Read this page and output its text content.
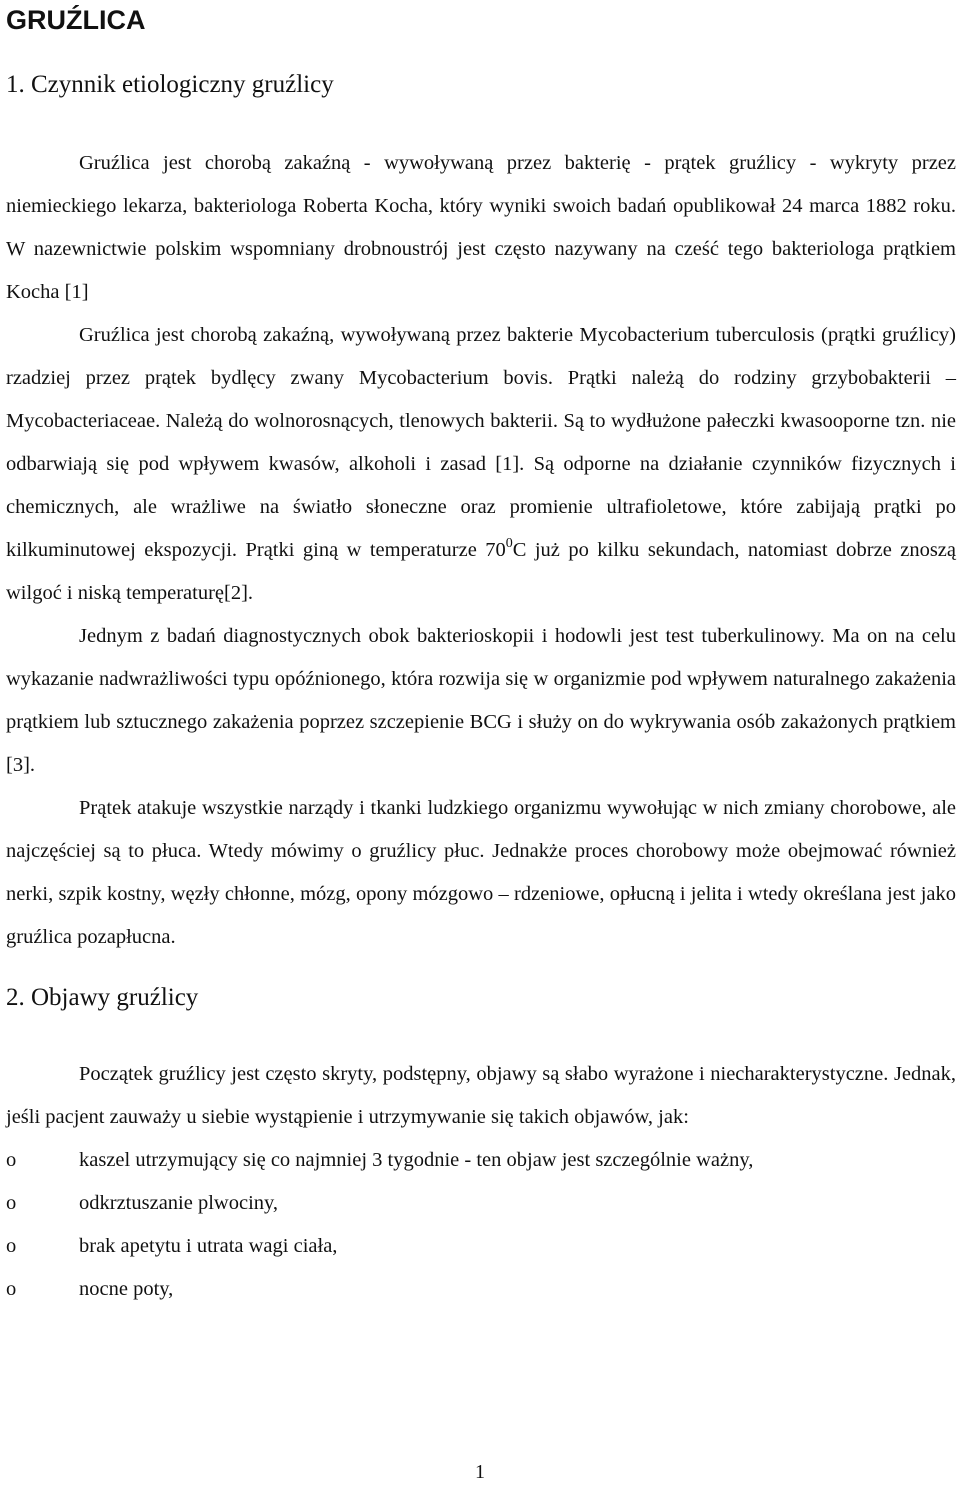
GRUŹLICA
1. Czynnik etiologiczny gruźlicy

Gruźlica jest chorobą zakaźną - wywoływaną przez bakterię - prątek gruźlicy - wykryty przez niemieckiego lekarza, bakteriologa Roberta Kocha, który wyniki swoich badań opublikował 24 marca 1882 roku. W nazewnictwie polskim wspomniany drobnoustrój jest często nazywany na cześć tego bakteriologa prątkiem Kocha [1]

Gruźlica jest chorobą zakaźną, wywoływaną przez bakterie Mycobacterium tuberculosis (prątki gruźlicy) rzadziej przez prątek bydlęcy zwany Mycobacterium bovis. Prątki należą do rodziny grzybobakterii – Mycobacteriaceae. Należą do wolnorosnących, tlenowych bakterii. Są to wydłużone pałeczki kwasooporne tzn. nie odbarwiają się pod wpływem kwasów, alkoholi i zasad [1]. Są odporne na działanie czynników fizycznych i chemicznych, ale wrażliwe na światło słoneczne oraz promienie ultrafioletowe, które zabijają prątki po kilkuminutowej ekspozycji. Prątki giną w temperaturze $70^0C$ już po kilku sekundach, natomiast dobrze znoszą wilgoć i niską temperaturę[2].

Jednym z badań diagnostycznych obok bakterioskopii i hodowli jest test tuberkulinowy. Ma on na celu wykazanie nadwrażliwości typu opóźnionego, która rozwija się w organizmie pod wpływem naturalnego zakażenia prątkiem lub sztucznego zakażenia poprzez szczepienie BCG i służy on do wykrywania osób zakażonych prątkiem [3].

Prątek atakuje wszystkie narządy i tkanki ludzkiego organizmu wywołując w nich zmiany chorobowe, ale najczęściej są to płuca. Wtedy mówimy o gruźlicy płuc. Jednakże proces chorobowy może obejmować również nerki, szpik kostny, węzły chłonne, mózg, opony mózgowo – rdzeniowe, opłucną i jelita i wtedy określana jest jako gruźlica pozapłucna.

2. Objawy gruźlicy

Początek gruźlicy jest często skryty, podstępny, objawy są słabo wyrażone i niecharakterystyczne. Jednak, jeśli pacjent zauważy u siebie wystąpienie i utrzymywanie się takich objawów, jak:

o	kaszel utrzymujący się co najmniej 3 tygodnie - ten objaw jest szczególnie ważny,
o	odkrztuszanie plwociny,
o	brak apetytu i utrata wagi ciała,
o	nocne poty,
1
